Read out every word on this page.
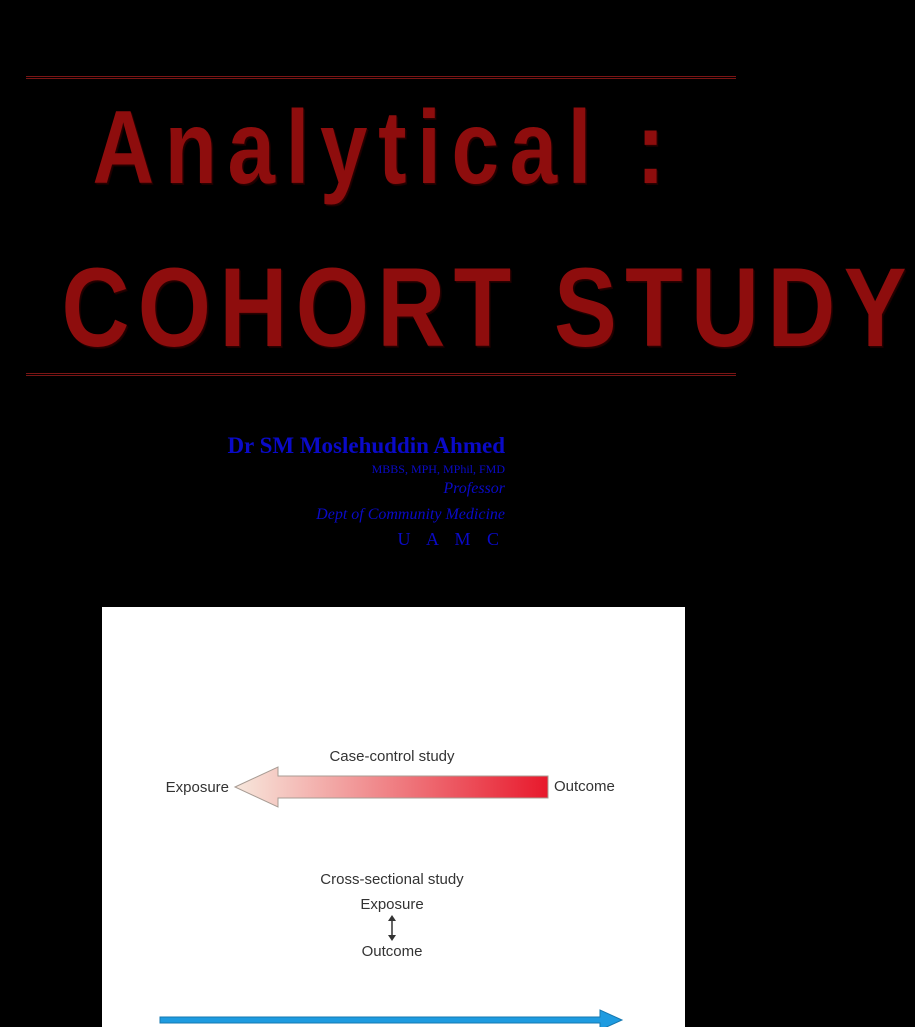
Analytical :
COHORT STUDY
Dr SM Moslehuddin Ahmed
MBBS, MPH, MPhil, FMD
Professor
Dept of Community Medicine
U A M C
Case-control study
Exposure	Outcome
Cross-sectional study
Exposure
Outcome
